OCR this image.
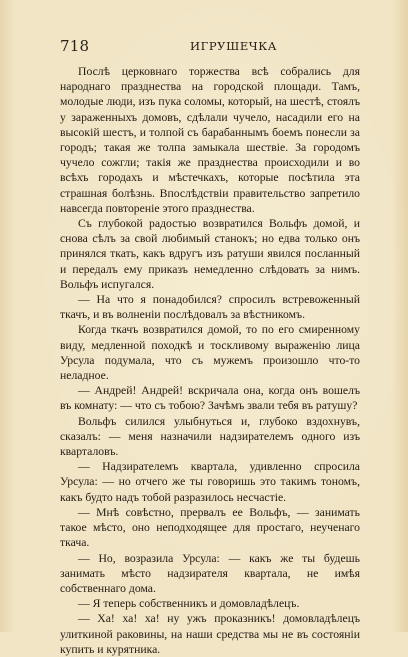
718	ИГРУШЕЧКА

Послѣ церковнаго торжества всѣ собрались для народнаго празднества на городской площади. Тамъ, молодые люди, изъ пука соломы, который, на шестѣ, стоялъ у зараженныхъ домовъ, сдѣлали чучело, насадили его на высокій шестъ, и толпой съ барабаннымъ боемъ понесли за городъ; такая же толпа замыкала шествіе. За городомъ чучело сожгли; такія же празднества происходили и во всѣхъ городахъ и мѣстечкахъ, которые посѣтила эта страшная болѣзнь. Впослѣдствіи правительство запретило навсегда повтореніе этого празднества.

Съ глубокой радостью возвратился Вольфъ домой, и снова сѣлъ за свой любимый станокъ; но едва только онъ принялся ткать, какъ вдругъ изъ ратуши явился посланный и передалъ ему приказъ немедленно слѣдовать за нимъ. Вольфъ испугался.

— На что я понадобился? спросилъ встревоженный ткачъ, и въ волненіи послѣдовалъ за вѣстникомъ.

Когда ткачъ возвратился домой, то по его смиренному виду, медленной походкѣ и тоскливому выраженію лица Урсула подумала, что съ мужемъ произошло что-то неладное.

— Андрей! Андрей! вскричала она, когда онъ вошелъ въ комнату: — что съ тобою? Зачѣмъ звали тебя въ ратушу?

Вольфъ силился улыбнуться и, глубоко вздохнувъ, сказалъ: — меня назначили надзирателемъ одного изъ кварталовъ.

— Надзирателемъ квартала, удивленно спросила Урсула: — но отчего же ты говоришь это такимъ тономъ, какъ будто надъ тобой разразилось несчастіе.

— Мнѣ совѣстно, прервалъ ее Вольфъ, — занимать такое мѣсто, оно неподходящее для простаго, неученаго ткача.

— Но, возразила Урсула: — какъ же ты будешь занимать мѣсто надзирателя квартала, не имѣя собственнаго дома.

— Я теперь собственникъ и домовладѣлецъ.

— Ха! ха! ха! ну ужъ проказникъ! домовладѣлецъ улиткиной раковины, на наши средства мы не въ состояніи купить и курятника.
